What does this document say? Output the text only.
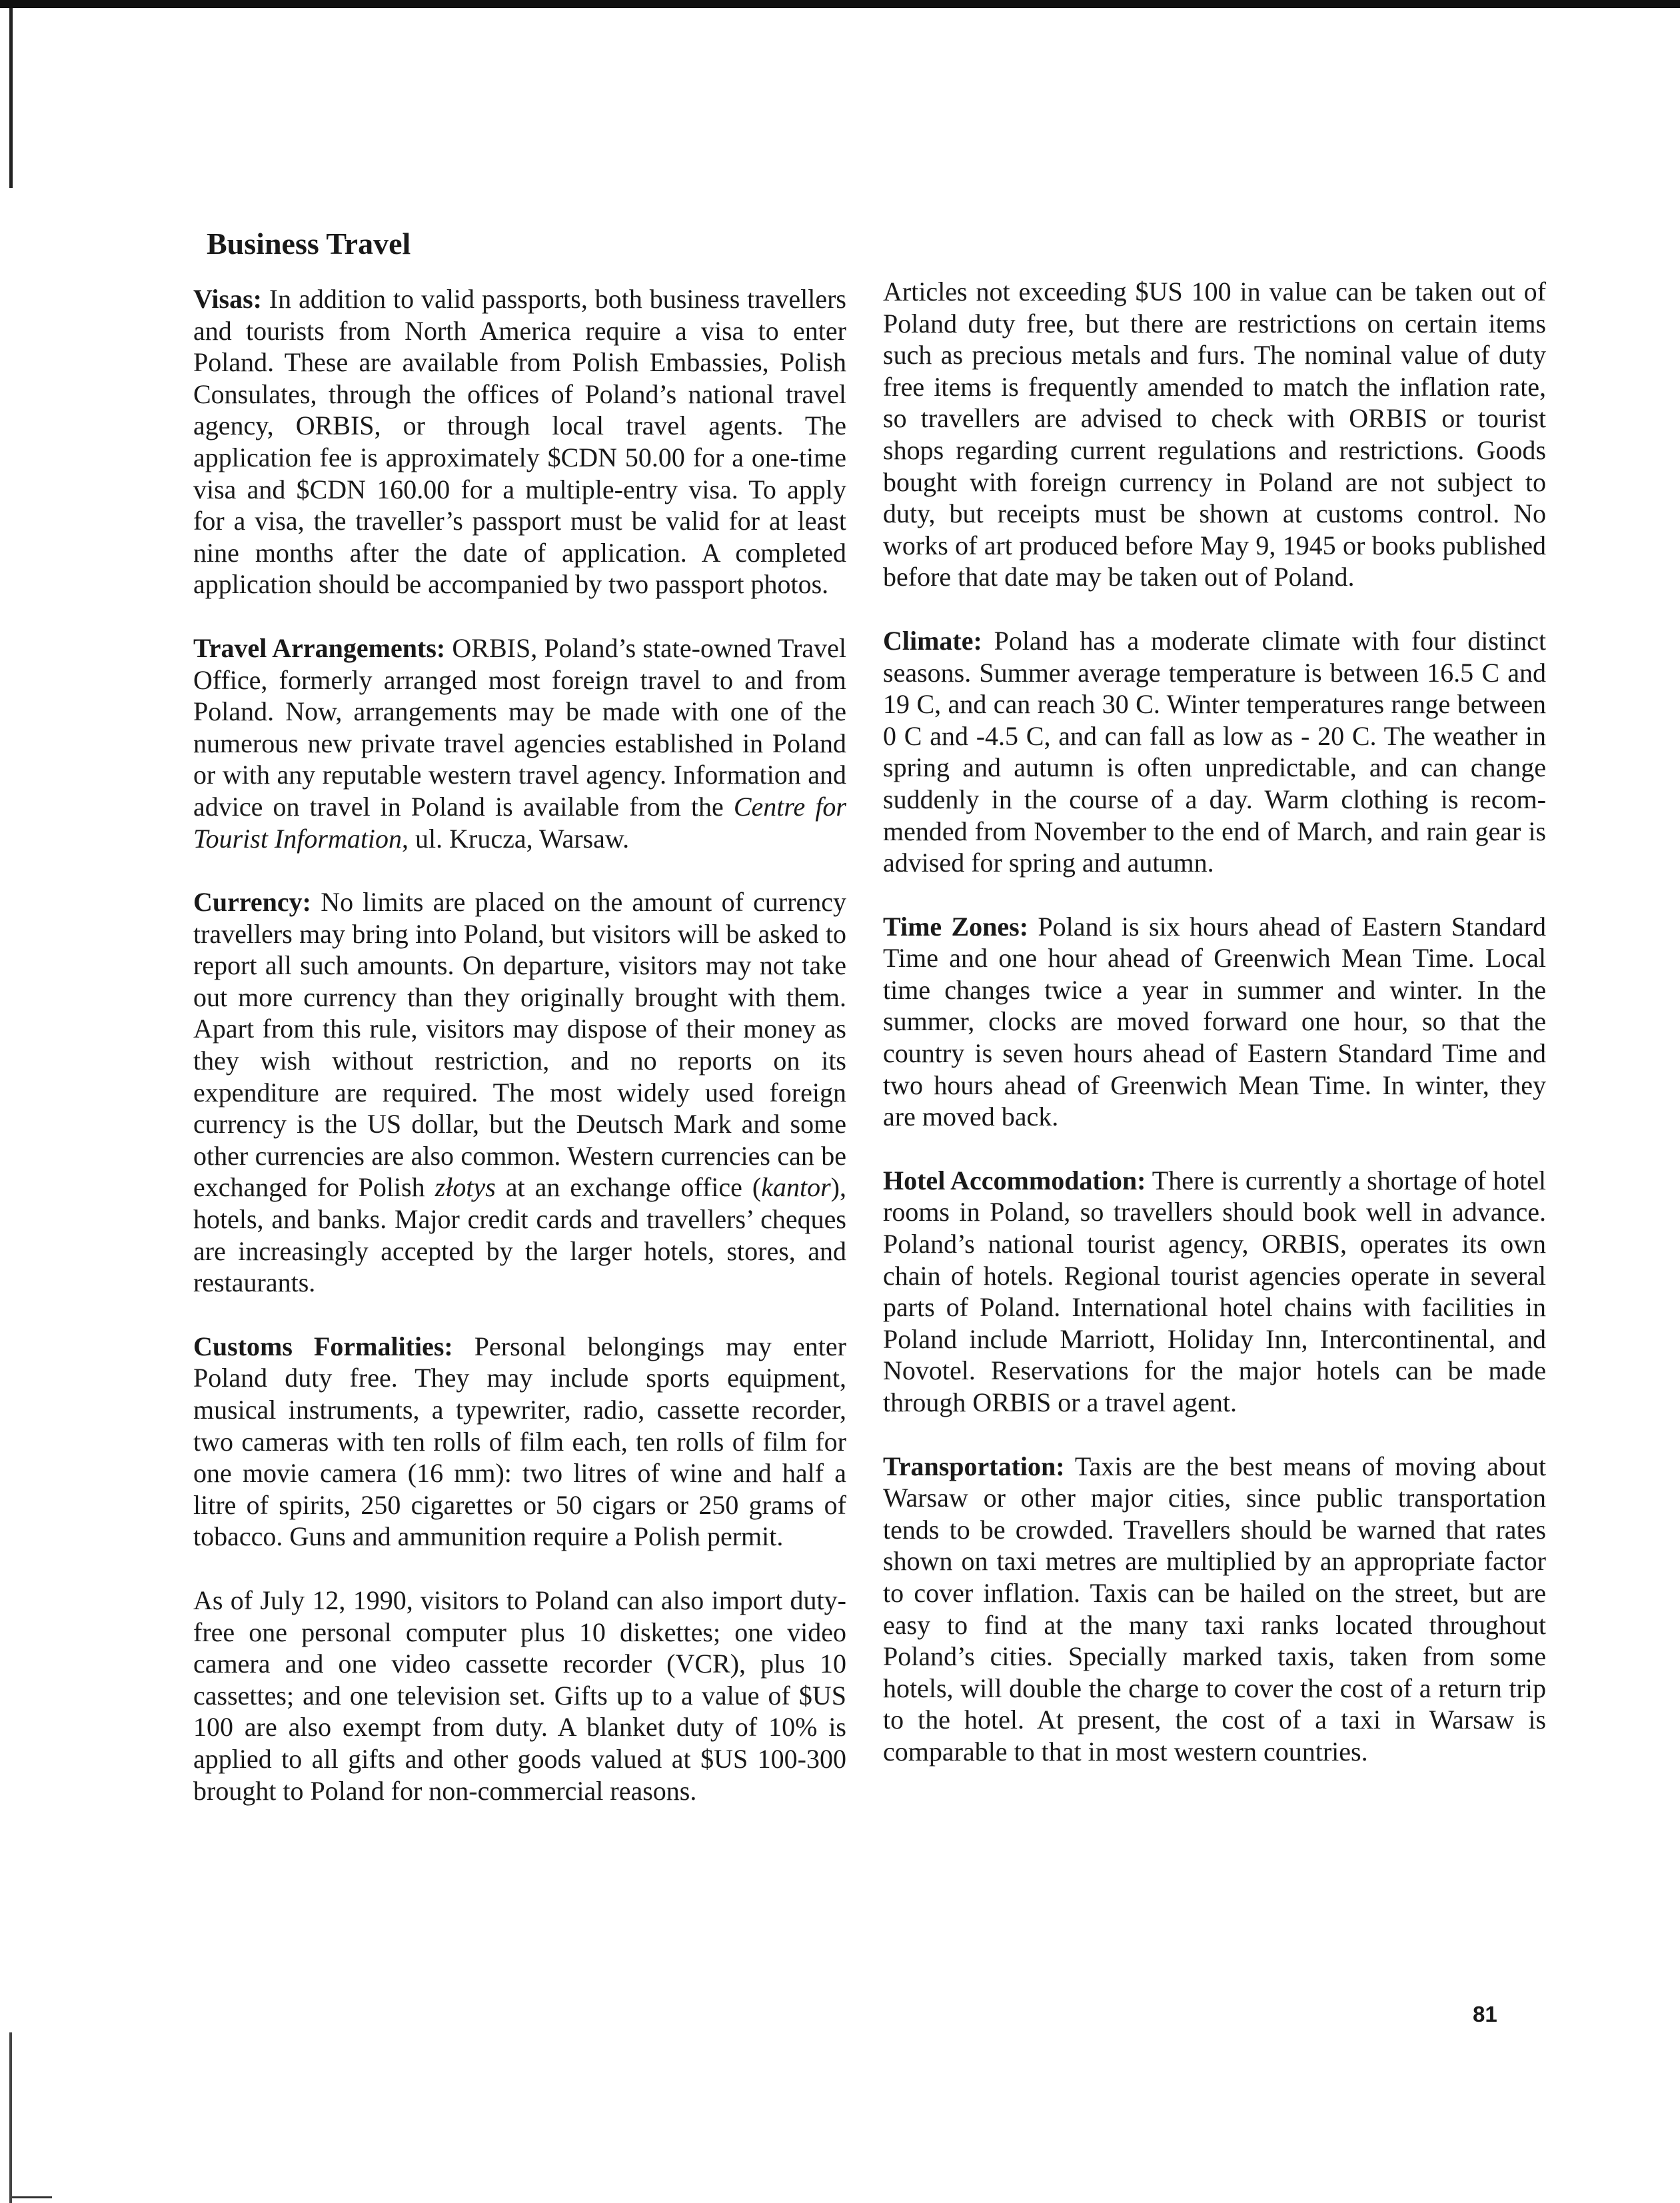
Business Travel

Visas: In addition to valid passports, both business travellers and tourists from North America require a visa to enter Poland. These are available from Polish Embassies, Polish Consulates, through the offices of Poland’s national travel agency, ORBIS, or through local travel agents. The application fee is approximately $CDN 50.00 for a one-time visa and $CDN 160.00 for a multiple-entry visa. To apply for a visa, the traveller’s passport must be valid for at least nine months after the date of application. A completed application should be accompanied by two passport photos.

Travel Arrangements: ORBIS, Poland’s state-owned Travel Office, formerly arranged most foreign travel to and from Poland. Now, arrangements may be made with one of the numerous new private travel agencies established in Poland or with any reputable western travel agency. Information and advice on travel in Poland is available from the Centre for Tourist Information, ul. Krucza, Warsaw.

Currency: No limits are placed on the amount of currency travellers may bring into Poland, but visitors will be asked to report all such amounts. On departure, visitors may not take out more currency than they originally brought with them. Apart from this rule, visitors may dispose of their money as they wish without restriction, and no reports on its expenditure are required. The most widely used foreign currency is the US dollar, but the Deutsch Mark and some other currencies are also common. Western currencies can be exchanged for Polish złotys at an exchange office (kantor), hotels, and banks. Major credit cards and travellers’ cheques are increasingly accepted by the larger hotels, stores, and restaurants.

Customs Formalities: Personal belongings may enter Poland duty free. They may include sports equipment, musical instruments, a typewriter, radio, cassette recorder, two cameras with ten rolls of film each, ten rolls of film for one movie camera (16 mm): two litres of wine and half a litre of spirits, 250 cigarettes or 50 cigars or 250 grams of tobacco. Guns and ammunition require a Polish permit.

As of July 12, 1990, visitors to Poland can also import duty-free one personal computer plus 10 diskettes; one video camera and one video cassette recorder (VCR), plus 10 cassettes; and one television set. Gifts up to a value of $US 100 are also exempt from duty. A blanket duty of 10% is applied to all gifts and other goods valued at $US 100-300 brought to Poland for non-commercial reasons.

Articles not exceeding $US 100 in value can be taken out of Poland duty free, but there are restrictions on certain items such as precious metals and furs. The nominal value of duty free items is frequently amended to match the inflation rate, so travellers are advised to check with ORBIS or tourist shops regarding current regulations and restrictions. Goods bought with foreign currency in Poland are not subject to duty, but receipts must be shown at customs control. No works of art produced before May 9, 1945 or books published before that date may be taken out of Poland.

Climate: Poland has a moderate climate with four distinct seasons. Summer average temperature is between 16.5 C and 19 C, and can reach 30 C. Winter temperatures range between 0 C and -4.5 C, and can fall as low as - 20 C. The weather in spring and autumn is often unpredictable, and can change suddenly in the course of a day. Warm clothing is recommended from November to the end of March, and rain gear is advised for spring and autumn.

Time Zones: Poland is six hours ahead of Eastern Standard Time and one hour ahead of Greenwich Mean Time. Local time changes twice a year in summer and winter. In the summer, clocks are moved forward one hour, so that the country is seven hours ahead of Eastern Standard Time and two hours ahead of Greenwich Mean Time. In winter, they are moved back.

Hotel Accommodation: There is currently a shortage of hotel rooms in Poland, so travellers should book well in advance. Poland’s national tourist agency, ORBIS, operates its own chain of hotels. Regional tourist agencies operate in several parts of Poland. International hotel chains with facilities in Poland include Marriott, Holiday Inn, Intercontinental, and Novotel. Reservations for the major hotels can be made through ORBIS or a travel agent.

Transportation: Taxis are the best means of moving about Warsaw or other major cities, since public transportation tends to be crowded. Travellers should be warned that rates shown on taxi metres are multiplied by an appropriate factor to cover inflation. Taxis can be hailed on the street, but are easy to find at the many taxi ranks located throughout Poland’s cities. Specially marked taxis, taken from some hotels, will double the charge to cover the cost of a return trip to the hotel. At present, the cost of a taxi in Warsaw is comparable to that in most western countries.

81
